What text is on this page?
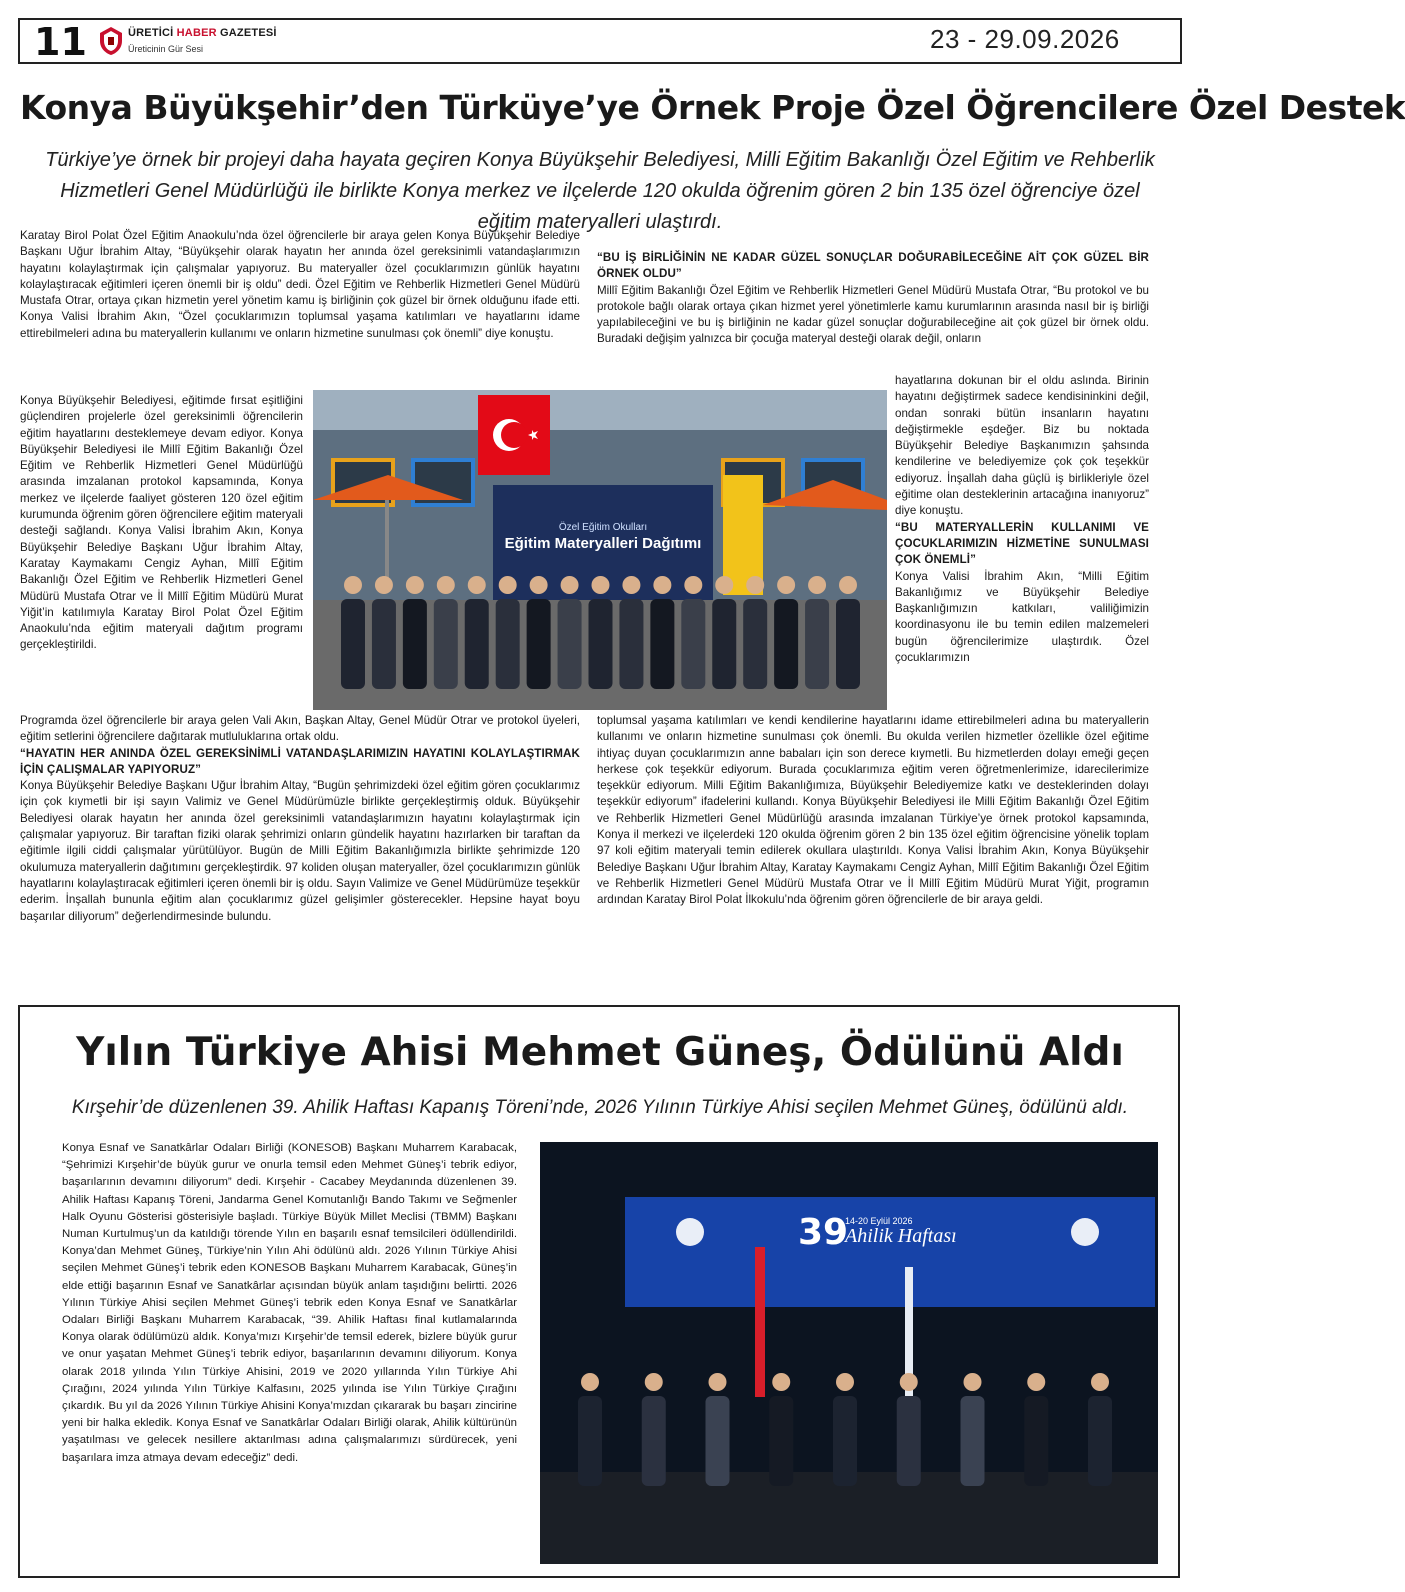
11	ÜRETİCİ HABER GAZETESİ
Üreticinin Gür Sesi	23 - 29.09.2026
Konya Büyükşehir’den Türküye’ye Örnek Proje Özel Öğrencilere Özel Destek
Türkiye’ye örnek bir projeyi daha hayata geçiren Konya Büyükşehir Belediyesi, Milli Eğitim Bakanlığı Özel Eğitim ve Rehberlik Hizmetleri Genel Müdürlüğü ile birlikte Konya merkez ve ilçelerde 120 okulda öğrenim gören 2 bin 135 özel öğrenciye özel eğitim materyalleri ulaştırdı.

Karatay Birol Polat Özel Eğitim Anaokulu’nda özel öğrencilerle bir araya gelen Konya Büyükşehir Belediye Başkanı Uğur İbrahim Altay, “Büyükşehir olarak hayatın her anında özel gereksinimli vatandaşlarımızın hayatını kolaylaştırmak için çalışmalar yapıyoruz. Bu materyaller özel çocuklarımızın günlük hayatını kolaylaştıracak eğitimleri içeren önemli bir iş oldu” dedi. Özel Eğitim ve Rehberlik Hizmetleri Genel Müdürü Mustafa Otrar, ortaya çıkan hizmetin yerel yönetim kamu iş birliğinin çok güzel bir örnek olduğunu ifade etti. Konya Valisi İbrahim Akın, “Özel çocuklarımızın toplumsal yaşama katılımları ve hayatlarını idame ettirebilmeleri adına bu materyallerin kullanımı ve onların hizmetine sunulması çok önemli” diye konuştu.

Konya Büyükşehir Belediyesi, eğitimde fırsat eşitliğini güçlendiren projelerle özel gereksinimli öğrencilerin eğitim hayatlarını desteklemeye devam ediyor. Konya Büyükşehir Belediyesi ile Millî Eğitim Bakanlığı Özel Eğitim ve Rehberlik Hizmetleri Genel Müdürlüğü arasında imzalanan protokol kapsamında, Konya merkez ve ilçelerde faaliyet gösteren 120 özel eğitim kurumunda öğrenim gören öğrencilere eğitim materyali desteği sağlandı. Konya Valisi İbrahim Akın, Konya Büyükşehir Belediye Başkanı Uğur İbrahim Altay, Karatay Kaymakamı Cengiz Ayhan, Millî Eğitim Bakanlığı Özel Eğitim ve Rehberlik Hizmetleri Genel Müdürü Mustafa Otrar ve İl Millî Eğitim Müdürü Murat Yiğit’in katılımıyla Karatay Birol Polat Özel Eğitim Anaokulu’nda eğitim materyali dağıtım programı gerçekleştirildi.

Programda özel öğrencilerle bir araya gelen Vali Akın, Başkan Altay, Genel Müdür Otrar ve protokol üyeleri, eğitim setlerini öğrencilere dağıtarak mutluluklarına ortak oldu.

“HAYATIN HER ANINDA ÖZEL GEREKSİNİMLİ VATANDAŞLARIMIZIN HAYATINI KOLAYLAŞTIRMAK İÇİN ÇALIŞMALAR YAPIYORUZ”

Konya Büyükşehir Belediye Başkanı Uğur İbrahim Altay, “Bugün şehrimizdeki özel eğitim gören çocuklarımız için çok kıymetli bir işi sayın Valimiz ve Genel Müdürümüzle birlikte gerçekleştirmiş olduk. Büyükşehir Belediyesi olarak hayatın her anında özel gereksinimli vatandaşlarımızın hayatını kolaylaştırmak için çalışmalar yapıyoruz. Bir taraftan fiziki olarak şehrimizi onların gündelik hayatını hazırlarken bir taraftan da eğitimle ilgili ciddi çalışmalar yürütülüyor. Bugün de Milli Eğitim Bakanlığımızla birlikte şehrimizde 120 okulumuza materyallerin dağıtımını gerçekleştirdik. 97 koliden oluşan materyaller, özel çocuklarımızın günlük hayatlarını kolaylaştıracak eğitimleri içeren önemli bir iş oldu. Sayın Valimize ve Genel Müdürümüze teşekkür ederim. İnşallah bununla eğitim alan çocuklarımız güzel gelişimler gösterecekler. Hepsine hayat boyu başarılar diliyorum” değerlendirmesinde bulundu.

“BU İŞ BİRLİĞİNİN NE KADAR GÜZEL SONUÇLAR DOĞURABİLECEĞİNE AİT ÇOK GÜZEL BİR ÖRNEK OLDU”

Millî Eğitim Bakanlığı Özel Eğitim ve Rehberlik Hizmetleri Genel Müdürü Mustafa Otrar, “Bu protokol ve bu protokole bağlı olarak ortaya çıkan hizmet yerel yönetimlerle kamu kurumlarının arasında nasıl bir iş birliği yapılabileceğini ve bu iş birliğinin ne kadar güzel sonuçlar doğurabileceğine ait çok güzel bir örnek oldu. Buradaki değişim yalnızca bir çocuğa materyal desteği olarak değil, onların

hayatlarına dokunan bir el oldu aslında. Birinin hayatını değiştirmek sadece kendisininkini değil, ondan sonraki bütün insanların hayatını değiştirmekle eşdeğer. Biz bu noktada Büyükşehir Belediye Başkanımızın şahsında kendilerine ve belediyemize çok çok teşekkür ediyoruz. İnşallah daha güçlü iş birlikleriyle özel eğitime olan desteklerinin artacağına inanıyoruz” diye konuştu.

“BU MATERYALLERİN KULLANIMI VE ÇOCUKLARIMIZIN HİZMETİNE SUNULMASI ÇOK ÖNEMLİ”

Konya Valisi İbrahim Akın, “Milli Eğitim Bakanlığımız ve Büyükşehir Belediye Başkanlığımızın katkıları, valiliğimizin koordinasyonu ile bu temin edilen malzemeleri bugün öğrencilerimize ulaştırdık. Özel çocuklarımızın

toplumsal yaşama katılımları ve kendi kendilerine hayatlarını idame ettirebilmeleri adına bu materyallerin kullanımı ve onların hizmetine sunulması çok önemli. Bu okulda verilen hizmetler özellikle özel eğitime ihtiyaç duyan çocuklarımızın anne babaları için son derece kıymetli. Bu hizmetlerden dolayı emeği geçen herkese çok teşekkür ediyorum. Burada çocuklarımıza eğitim veren öğretmenlerimize, idarecilerimize teşekkür ediyorum. Milli Eğitim Bakanlığımıza, Büyükşehir Belediyemize katkı ve desteklerinden dolayı teşekkür ediyorum” ifadelerini kullandı. Konya Büyükşehir Belediyesi ile Milli Eğitim Bakanlığı Özel Eğitim ve Rehberlik Hizmetleri Genel Müdürlüğü arasında imzalanan Türkiye’ye örnek protokol kapsamında, Konya il merkezi ve ilçelerdeki 120 okulda öğrenim gören 2 bin 135 özel eğitim öğrencisine yönelik toplam 97 koli eğitim materyali temin edilerek okullara ulaştırıldı. Konya Valisi İbrahim Akın, Konya Büyükşehir Belediye Başkanı Uğur İbrahim Altay, Karatay Kaymakamı Cengiz Ayhan, Millî Eğitim Bakanlığı Özel Eğitim ve Rehberlik Hizmetleri Genel Müdürü Mustafa Otrar ve İl Millî Eğitim Müdürü Murat Yiğit, programın ardından Karatay Birol Polat İlkokulu’nda öğrenim gören öğrencilerle de bir araya geldi.

Özel Eğitim Okulları
Eğitim Materyalleri Dağıtımı
Yılın Türkiye Ahisi Mehmet Güneş, Ödülünü Aldı
Kırşehir’de düzenlenen 39. Ahilik Haftası Kapanış Töreni’nde, 2026 Yılının Türkiye Ahisi seçilen Mehmet Güneş, ödülünü aldı.

Konya Esnaf ve Sanatkârlar Odaları Birliği (KONESOB) Başkanı Muharrem Karabacak, “Şehrimizi Kırşehir’de büyük gurur ve onurla temsil eden Mehmet Güneş’i tebrik ediyor, başarılarının devamını diliyorum” dedi. Kırşehir - Cacabey Meydanında düzenlenen 39. Ahilik Haftası Kapanış Töreni, Jandarma Genel Komutanlığı Bando Takımı ve Seğmenler Halk Oyunu Gösterisi gösterisiyle başladı. Türkiye Büyük Millet Meclisi (TBMM) Başkanı Numan Kurtulmuş’un da katıldığı törende Yılın en başarılı esnaf temsilcileri ödüllendirildi. Konya’dan Mehmet Güneş, Türkiye’nin Yılın Ahi ödülünü aldı. 2026 Yılının Türkiye Ahisi seçilen Mehmet Güneş’i tebrik eden KONESOB Başkanı Muharrem Karabacak, Güneş’in elde ettiği başarının Esnaf ve Sanatkârlar açısından büyük anlam taşıdığını belirtti. 2026 Yılının Türkiye Ahisi seçilen Mehmet Güneş’i tebrik eden Konya Esnaf ve Sanatkârlar Odaları Birliği Başkanı Muharrem Karabacak, “39. Ahilik Haftası final kutlamalarında Konya olarak ödülümüzü aldık. Konya’mızı Kırşehir’de temsil ederek, bizlere büyük gurur ve onur yaşatan Mehmet Güneş’i tebrik ediyor, başarılarının devamını diliyorum. Konya olarak 2018 yılında Yılın Türkiye Ahisini, 2019 ve 2020 yıllarında Yılın Türkiye Ahi Çırağını, 2024 yılında Yılın Türkiye Kalfasını, 2025 yılında ise Yılın Türkiye Çırağını çıkardık. Bu yıl da 2026 Yılının Türkiye Ahisini Konya’mızdan çıkararak bu başarı zincirine yeni bir halka ekledik. Konya Esnaf ve Sanatkârlar Odaları Birliği olarak, Ahilik kültürünün yaşatılması ve gelecek nesillere aktarılması adına çalışmalarımızı sürdürecek, yeni başarılara imza atmaya devam edeceğiz” dedi.

39
14-20 Eylül 2026
Ahilik Haftası
